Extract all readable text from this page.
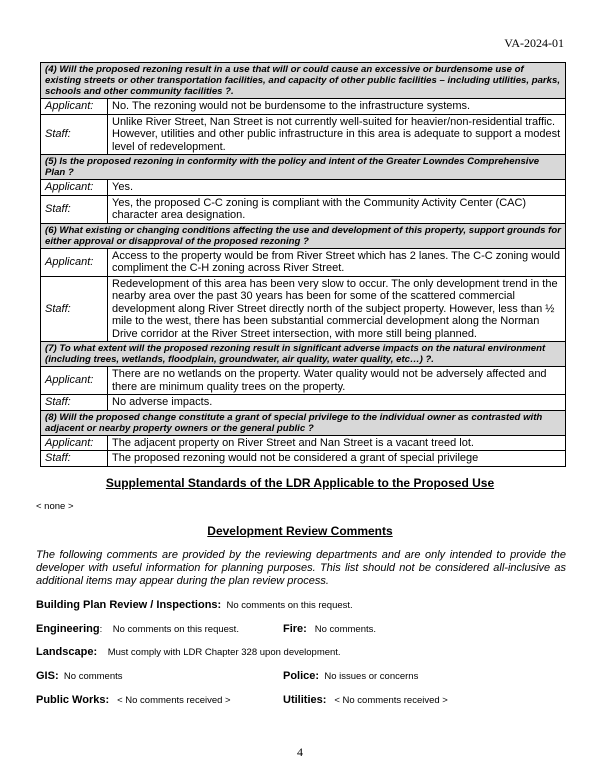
VA-2024-01
(4) Will the proposed rezoning result in a use that will or could cause an excessive or burdensome use of existing streets or other transportation facilities, and capacity of other public facilities – including utilities, parks, schools and other community facilities ?.	
Applicant:	No. The rezoning would not be burdensome to the infrastructure systems.
Staff:	Unlike River Street, Nan Street is not currently well-suited for heavier/non-residential traffic. However, utilities and other public infrastructure in this area is adequate to support a modest level of redevelopment.
(5) Is the proposed rezoning in conformity with the policy and intent of the Greater Lowndes Comprehensive Plan ?	
Applicant:	Yes.
Staff:	Yes, the proposed C-C zoning is compliant with the Community Activity Center (CAC) character area designation.
(6) What existing or changing conditions affecting the use and development of this property, support grounds for either approval or disapproval of the proposed rezoning ?	
Applicant:	Access to the property would be from River Street which has 2 lanes. The C-C zoning would compliment the C-H zoning across River Street.
Staff:	Redevelopment of this area has been very slow to occur. The only development trend in the nearby area over the past 30 years has been for some of the scattered commercial development along River Street directly north of the subject property. However, less than ½ mile to the west, there has been substantial commercial development along the Norman Drive corridor at the River Street intersection, with more still being planned.
(7) To what extent will the proposed rezoning result in significant adverse impacts on the natural environment (including trees, wetlands, floodplain, groundwater, air quality, water quality, etc…) ?.	
Applicant:	There are no wetlands on the property. Water quality would not be adversely affected and there are minimum quality trees on the property.
Staff:	No adverse impacts.
(8) Will the proposed change constitute a grant of special privilege to the individual owner as contrasted with adjacent or nearby property owners or the general public ?	
Applicant:	The adjacent property on River Street and Nan Street is a vacant treed lot.
Staff:	The proposed rezoning would not be considered a grant of special privilege
Supplemental Standards of the LDR Applicable to the Proposed Use
< none >
Development Review Comments
The following comments are provided by the reviewing departments and are only intended to provide the developer with useful information for planning purposes. This list should not be considered all-inclusive as additional items may appear during the plan review process.
Building Plan Review / Inspections: No comments on this request.
Engineering:    No comments on this request.	Fire: No comments.
Landscape: Must comply with LDR Chapter 328 upon development.
GIS: No comments	Police: No issues or concerns
Public Works: < No comments received >	Utilities: < No comments received >
4
